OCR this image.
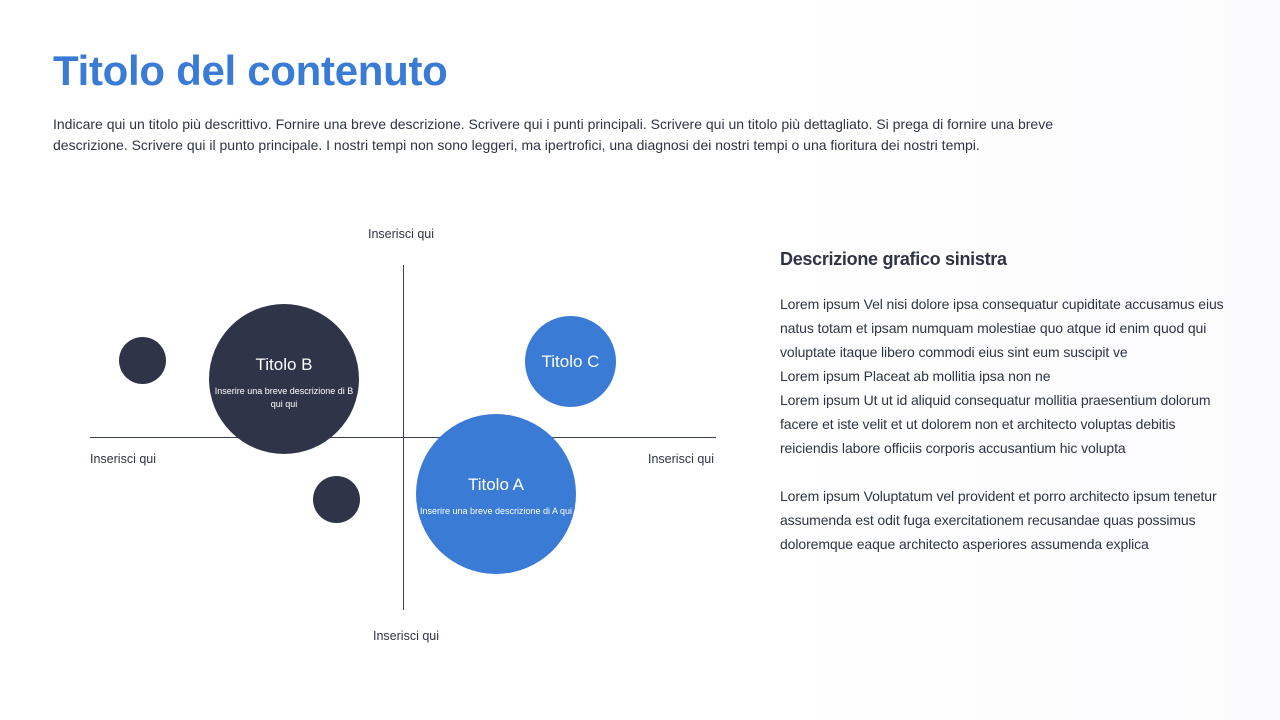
Titolo del contenuto

Indicare qui un titolo più descrittivo. Fornire una breve descrizione. Scrivere qui i punti principali. Scrivere qui un titolo più dettagliato. Si prega di fornire una breve descrizione. Scrivere qui il punto principale. I nostri tempi non sono leggeri, ma ipertrofici, una diagnosi dei nostri tempi o una fioritura dei nostri tempi.

Inserisci qui
Inserisci qui
Inserisci qui	Inserisci qui
Titolo B
Inserire una breve descrizione di B qui qui
Titolo C
Titolo A
Inserire una breve descrizione di A qui
Descrizione grafico sinistra

Lorem ipsum Vel nisi dolore ipsa consequatur cupiditate accusamus eius natus totam et ipsam numquam molestiae quo atque id enim quod qui voluptate itaque libero commodi eius sint eum suscipit ve

Lorem ipsum Placeat ab mollitia ipsa non ne

Lorem ipsum Ut ut id aliquid consequatur mollitia praesentium dolorum facere et iste velit et ut dolorem non et architecto voluptas debitis reiciendis labore officiis corporis accusantium hic volupta

Lorem ipsum Voluptatum vel provident et porro architecto ipsum tenetur assumenda est odit fuga exercitationem recusandae quas possimus doloremque eaque architecto asperiores assumenda explica
